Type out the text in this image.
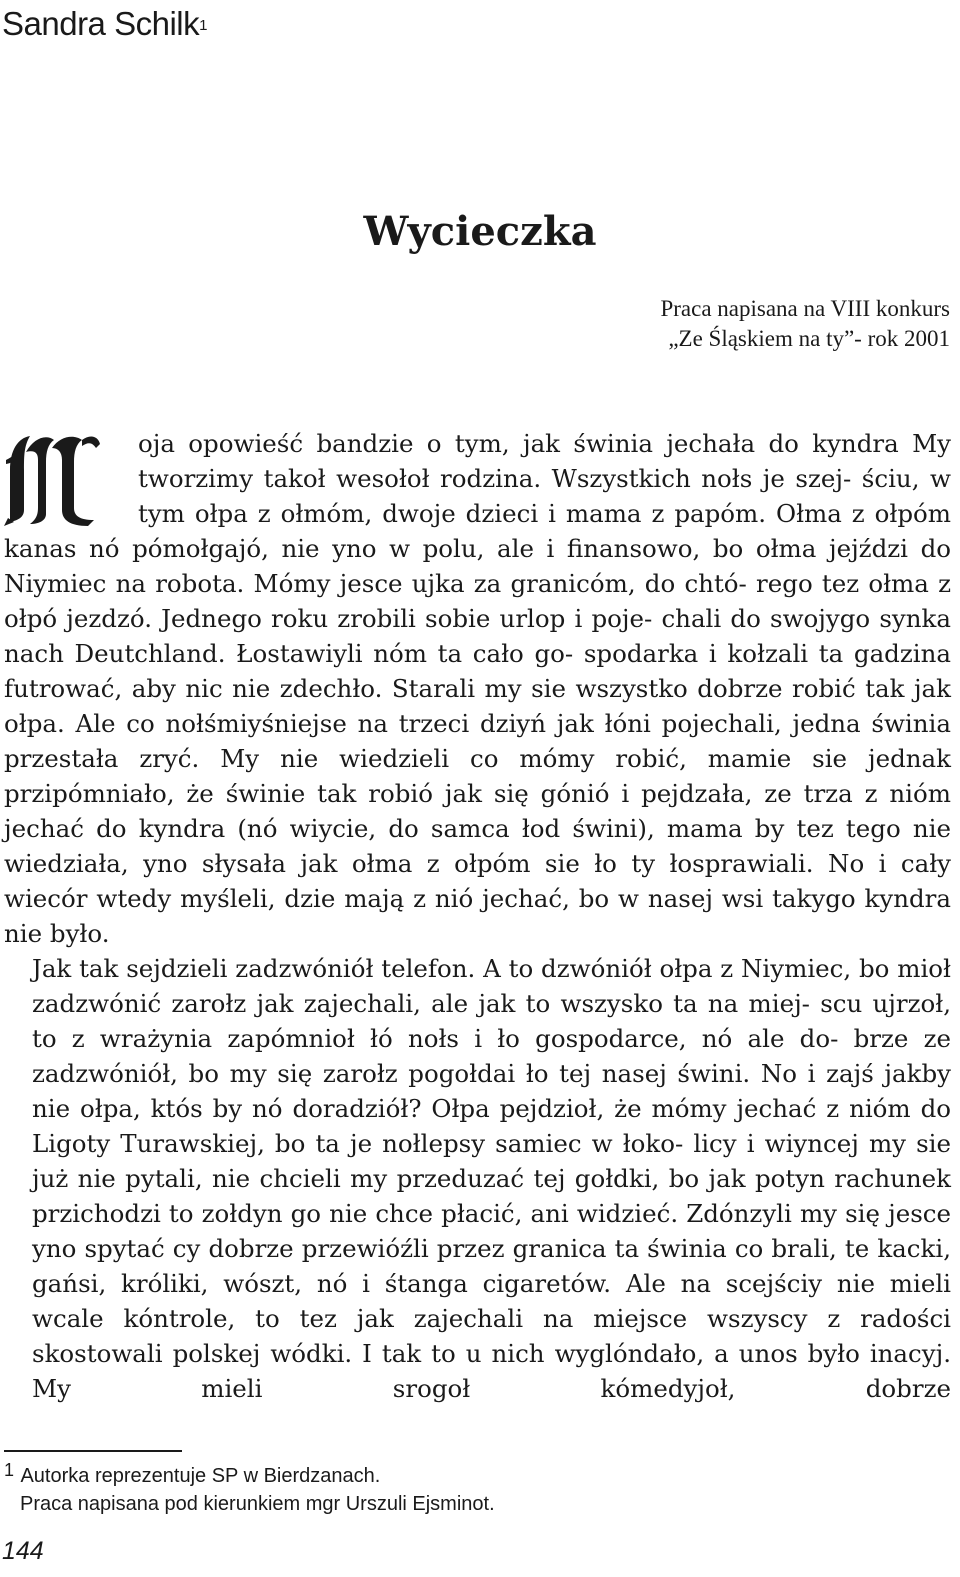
Sandra Schilk$^1$
Wycieczka
Praca napisana na VIII konkurs
„Ze Śląskiem na ty”- rok 2001

oja opowieść bandzie o tym, jak świnia jechała do kyndra My tworzimy takoł wesołoł rodzina. Wszystkich nołs je szej- ściu, w tym ołpa z ołmóm, dwoje dzieci i mama z papóm. Ołma z ołpóm kanas nó pómołgajó, nie yno w polu, ale i finansowo, bo ołma jejździ do Niymiec na robota. Mómy jesce ujka za granicóm, do chtó- rego tez ołma z ołpó jezdzó. Jednego roku zrobili sobie urlop i poje- chali do swojygo synka nach Deutchland. Łostawiyli nóm ta cało go- spodarka i kołzali ta gadzina futrować, aby nic nie zdechło. Starali my sie wszystko dobrze robić tak jak ołpa. Ale co nołśmiyśniejse na trzeci dziyń jak łóni pojechali, jedna świnia przestała zryć. My nie wiedzieli co mómy robić, mamie sie jednak przipómniało, że świnie tak robió jak się gónió i pejdzała, ze trza z nióm jechać do kyndra (nó wiycie, do samca łod świni), mama by tez tego nie wiedziała, yno słysała jak ołma z ołpóm sie ło ty łosprawiali. No i cały wiecór wtedy myśleli, dzie mają z nió jechać, bo w nasej wsi takygo kyndra nie było.

Jak tak sejdzieli zadzwóniół telefon. A to dzwóniół ołpa z Niymiec, bo mioł zadzwónić zarołz jak zajechali, ale jak to wszysko ta na miej- scu ujrzoł, to z wrażynia zapómnioł łó nołs i ło gospodarce, nó ale do- brze ze zadzwóniół, bo my się zarołz pogołdai ło tej nasej świni. No i zajś jakby nie ołpa, któs by nó doradziół? Ołpa pejdzioł, że mómy jechać z nióm do Ligoty Turawskiej, bo ta je nołlepsy samiec w łoko- licy i wiyncej my sie już nie pytali, nie chcieli my przeduzać tej gołdki, bo jak potyn rachunek przichodzi to zołdyn go nie chce płacić, ani widzieć. Zdónzyli my się jesce yno spytać cy dobrze przewióźli przez granica ta świnia co brali, te kacki, gańsi, króliki, wószt, nó i śtanga cigaretów. Ale na scejściy nie mieli wcale kóntrole, to tez jak zajechali na miejsce wszyscy z radości skostowali polskej wódki. I tak to u nich wyglóndało, a unos było inacyj. My mieli srogoł kómedyjoł, dobrze

1 Autorka reprezentuje SP w Bierdzanach.
Praca napisana pod kierunkiem mgr Urszuli Ejsminot.
144
